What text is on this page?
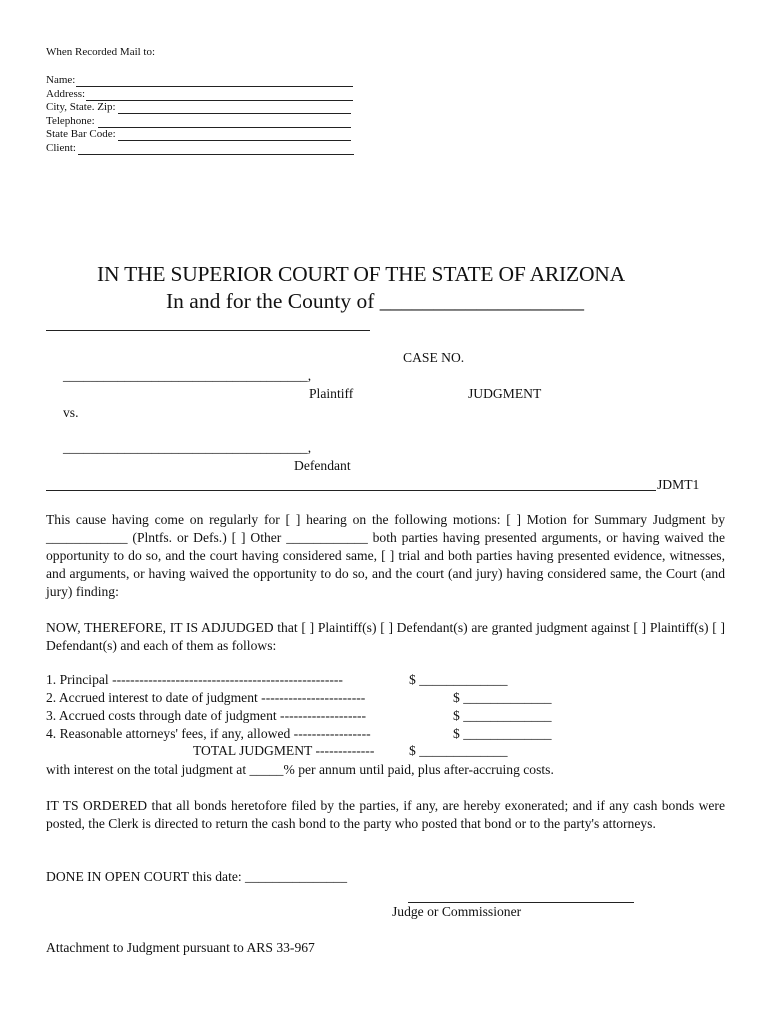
When Recorded Mail to:
Name:
Address:
City, State. Zip:
Telephone:
State Bar Code:
Client:
IN THE SUPERIOR COURT OF THE STATE OF ARIZONA
In and for the County of ___________________
CASE NO.
____________________________________,
Plaintiff	JUDGMENT
vs.
____________________________________,
Defendant
JDMT1
This cause having come on regularly for [ ] hearing on the following motions: [ ] Motion for Summary Judgment by ____________ (Plntfs. or Defs.) [ ] Other ____________ both parties having presented arguments, or having waived the opportunity to do so, and the court having considered same, [ ] trial and both parties having presented evidence, witnesses, and arguments, or having waived the opportunity to do so, and the court (and jury) having considered same, the Court (and jury) finding:
NOW, THEREFORE, IT IS ADJUDGED that [ ] Plaintiff(s) [ ] Defendant(s) are granted judgment against [ ] Plaintiff(s) [ ] Defendant(s) and each of them as follows:
1. Principal ---------------------------------------------------	$ _____________
2. Accrued interest to date of judgment -----------------------	$ _____________
3. Accrued costs through date of judgment -------------------	$ _____________
4. Reasonable attorneys' fees, if any, allowed -----------------	$ _____________
TOTAL JUDGMENT -------------	$ _____________
with interest on the total judgment at _____% per annum until paid, plus after-accruing costs.
IT TS ORDERED that all bonds heretofore filed by the parties, if any, are hereby exonerated; and if any cash bonds were posted, the Clerk is directed to return the cash bond to the party who posted that bond or to the party's attorneys.
DONE IN OPEN COURT this date: _______________
Judge or Commissioner
Attachment to Judgment pursuant to ARS 33-967
